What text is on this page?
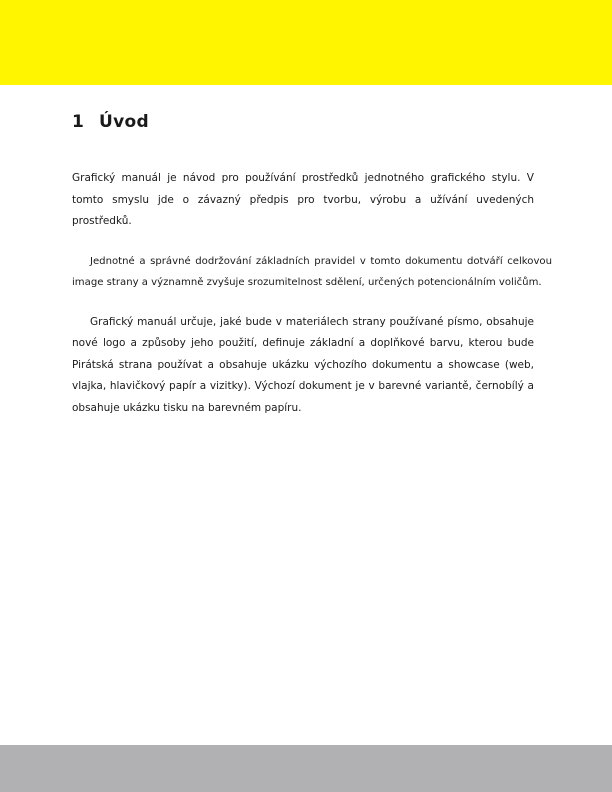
1 Úvod

Grafický manuál je návod pro používání prostředků jednotného grafického stylu. V tomto smyslu jde o závazný předpis pro tvorbu, výrobu a užívání uvedených prostředků.

Jednotné a správné dodržování základních pravidel v tomto dokumentu dotváří celkovou image strany a významně zvyšuje srozumitelnost sdělení, určených potencionálním voličům.

Grafický manuál určuje, jaké bude v materiálech strany používané písmo, obsahuje nové logo a způsoby jeho použití, definuje základní a doplňkové barvu, kterou bude Pirátská strana používat a obsahuje ukázku výchozího dokumentu a showcase (web, vlajka, hlavičkový papír a vizitky). Výchozí dokument je v barevné variantě, černobílý a obsahuje ukázku tisku na barevném papíru.
